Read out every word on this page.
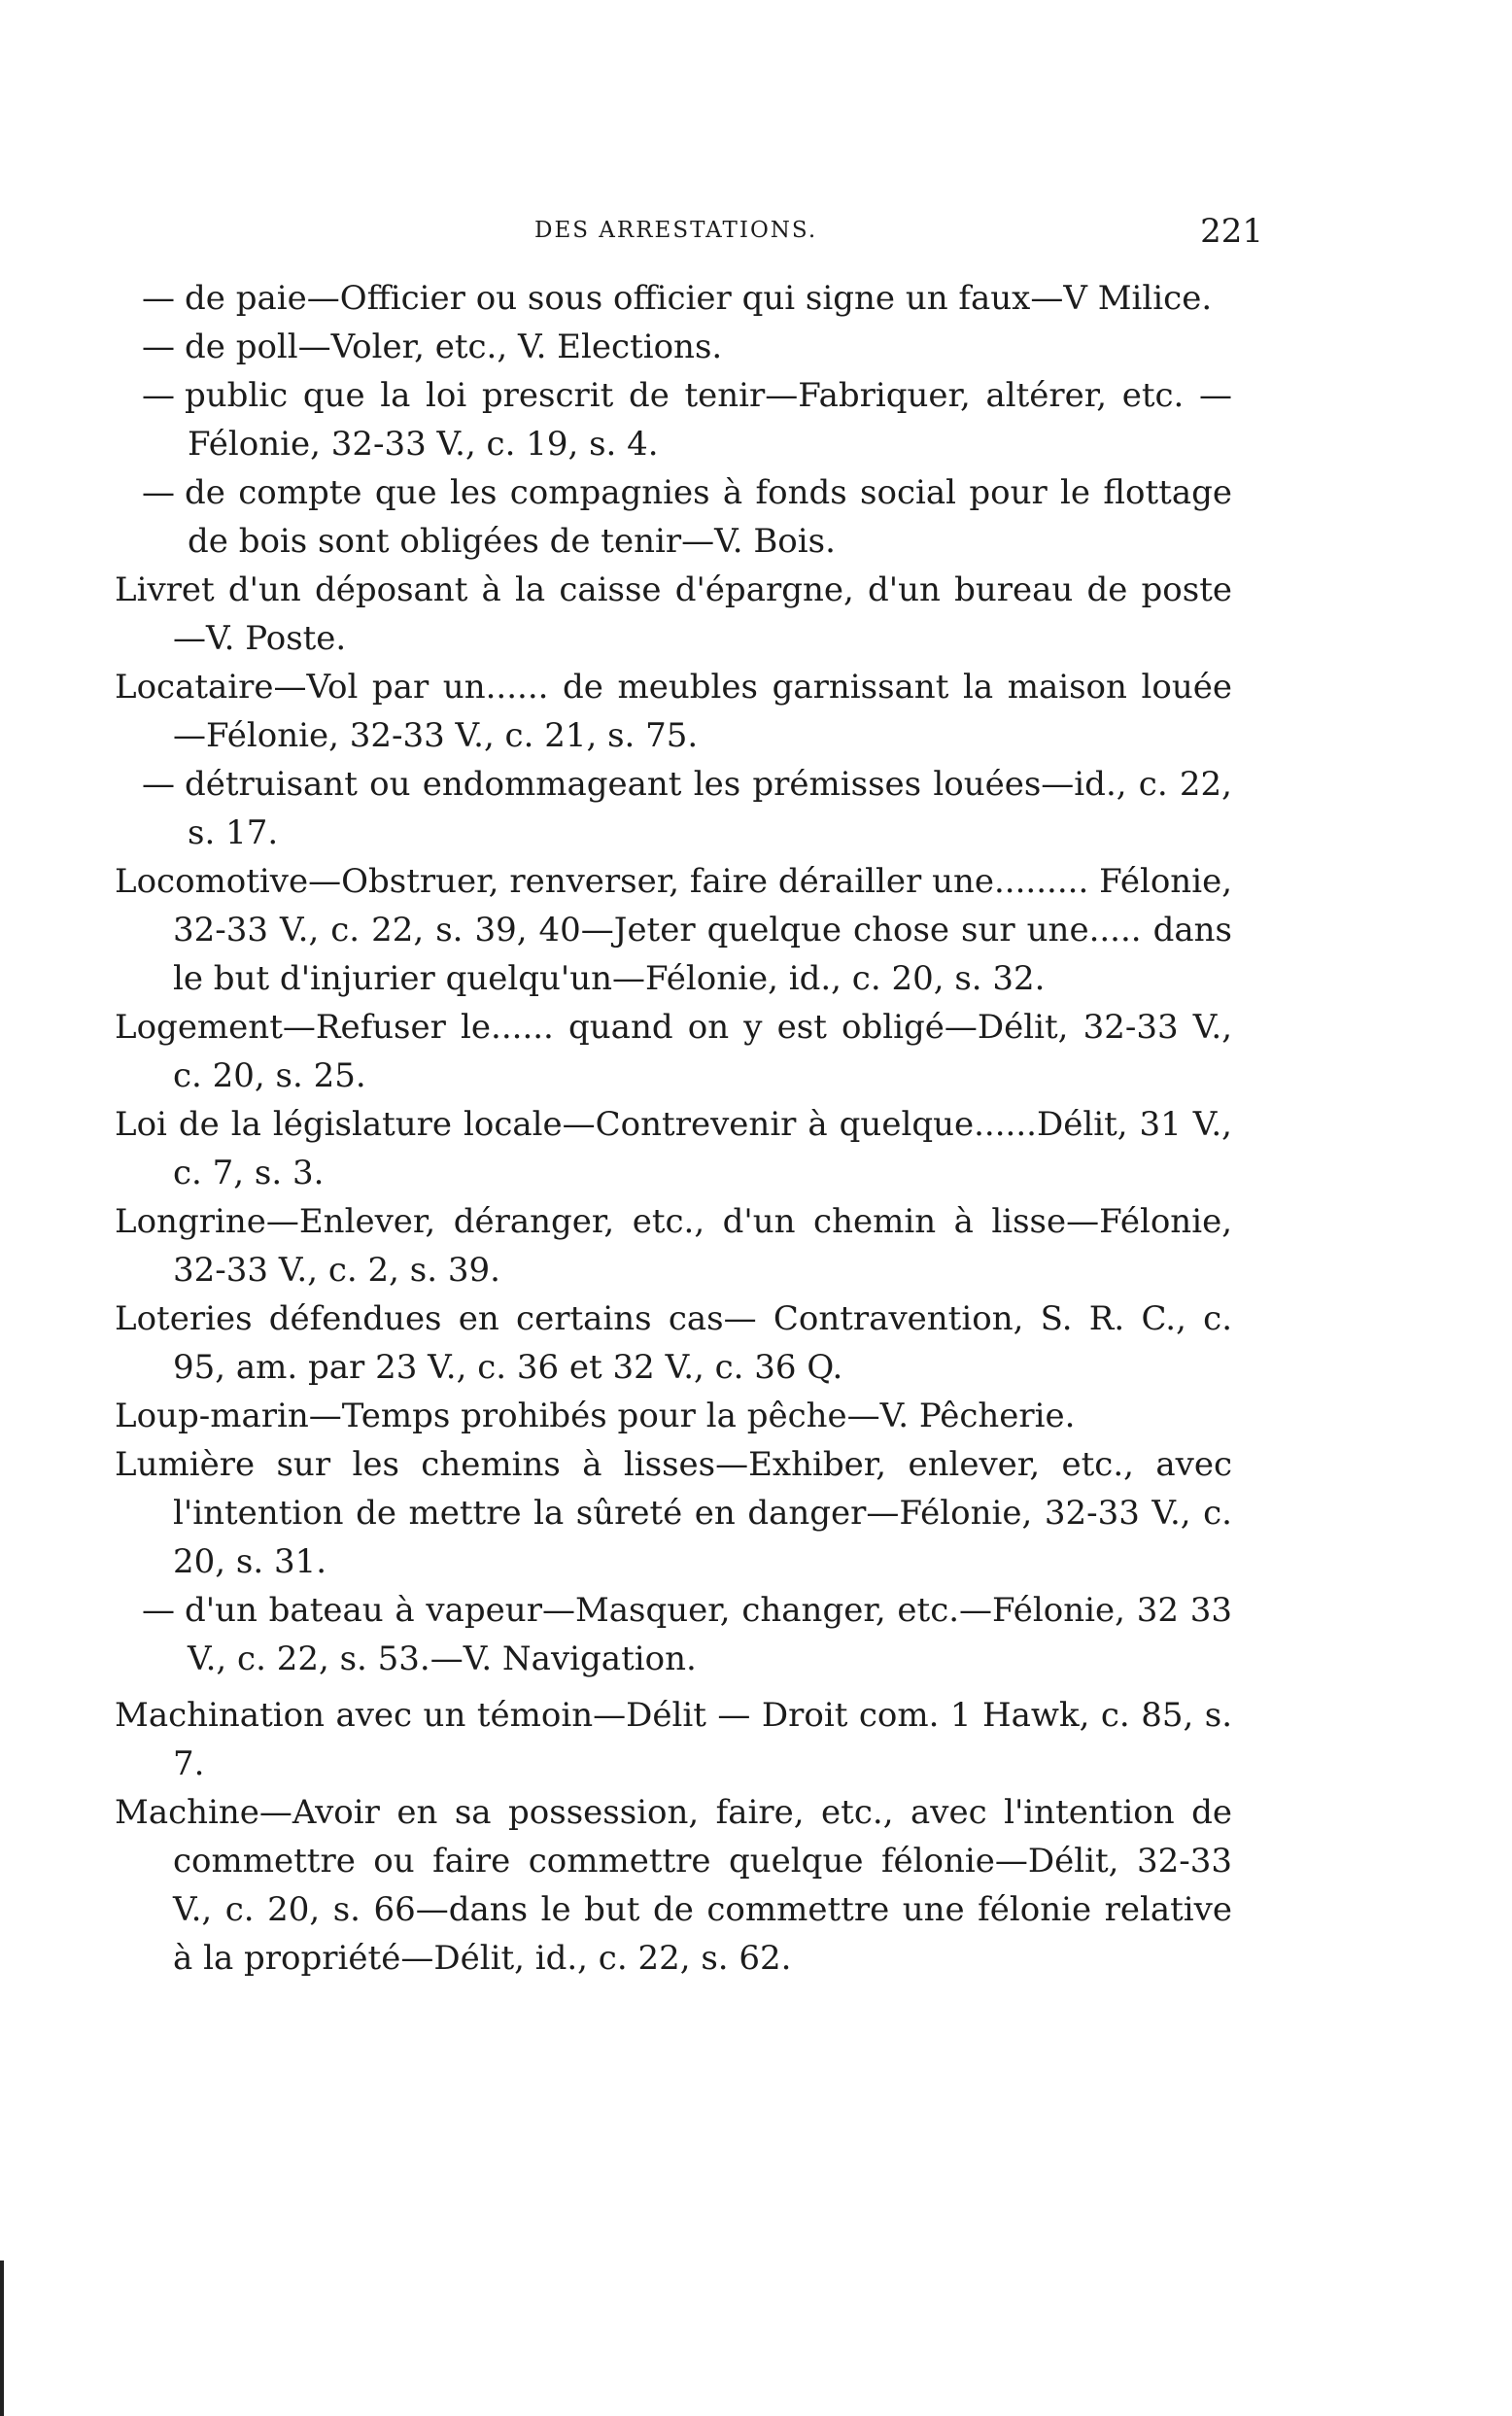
DES ARRESTATIONS.	221

— de paie—Officier ou sous officier qui signe un faux—V Milice.

— de poll—Voler, etc., V. Elections.

— public que la loi prescrit de tenir—Fabriquer, altérer, etc. —Félonie, 32-33 V., c. 19, s. 4.

— de compte que les compagnies à fonds social pour le flottage de bois sont obligées de tenir—V. Bois.

Livret d'un déposant à la caisse d'épargne, d'un bureau de poste—V. Poste.

Locataire—Vol par un...... de meubles garnissant la maison louée—Félonie, 32-33 V., c. 21, s. 75.

— détruisant ou endommageant les prémisses louées—id., c. 22, s. 17.

Locomotive—Obstruer, renverser, faire dérailler une......... Félonie, 32-33 V., c. 22, s. 39, 40—Jeter quelque chose sur une..... dans le but d'injurier quelqu'un—Félonie, id., c. 20, s. 32.

Logement—Refuser le...... quand on y est obligé—Délit, 32-33 V., c. 20, s. 25.

Loi de la législature locale—Contrevenir à quelque......Délit, 31 V., c. 7, s. 3.

Longrine—Enlever, déranger, etc., d'un chemin à lisse—Félonie, 32-33 V., c. 2, s. 39.

Loteries défendues en certains cas— Contravention, S. R. C., c. 95, am. par 23 V., c. 36 et 32 V., c. 36 Q.

Loup-marin—Temps prohibés pour la pêche—V. Pêcherie.

Lumière sur les chemins à lisses—Exhiber, enlever, etc., avec l'intention de mettre la sûreté en danger—Félonie, 32-33 V., c. 20, s. 31.

— d'un bateau à vapeur—Masquer, changer, etc.—Félonie, 32 33 V., c. 22, s. 53.—V. Navigation.

Machination avec un témoin—Délit — Droit com. 1 Hawk, c. 85, s. 7.

Machine—Avoir en sa possession, faire, etc., avec l'intention de commettre ou faire commettre quelque félonie—Délit, 32-33 V., c. 20, s. 66—dans le but de commettre une félonie relative à la propriété—Délit, id., c. 22, s. 62.
